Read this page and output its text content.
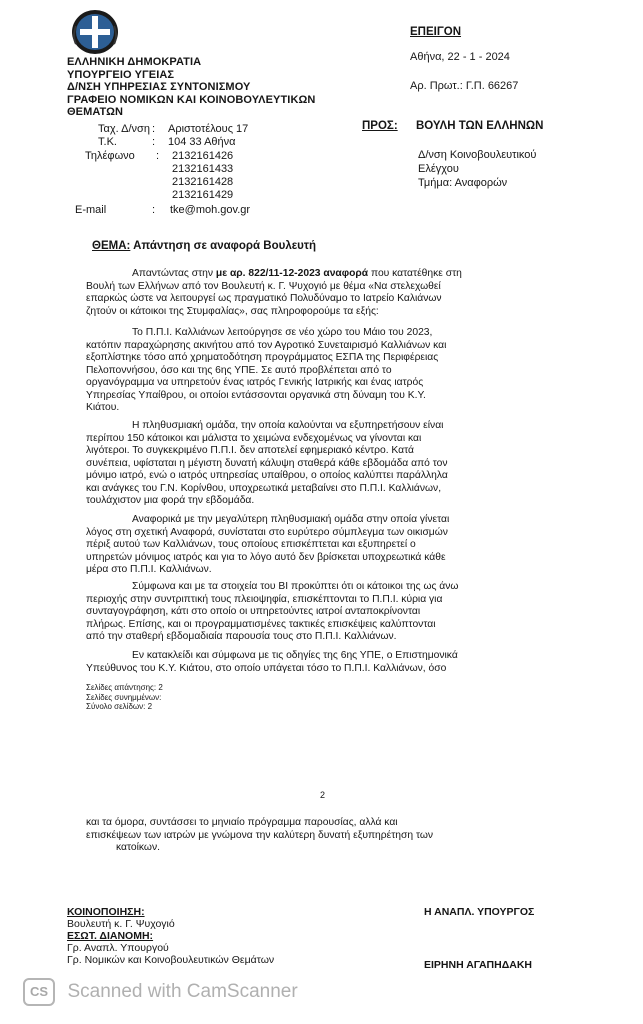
ΕΛΛΗΝΙΚΗ ΔΗΜΟΚΡΑΤΙΑ
ΥΠΟΥΡΓΕΙΟ ΥΓΕΙΑΣ
Δ/ΝΣΗ ΥΠΗΡΕΣΙΑΣ ΣΥΝΤΟΝΙΣΜΟΥ
ΓΡΑΦΕΙΟ ΝΟΜΙΚΩΝ ΚΑΙ ΚΟΙΝΟΒΟΥΛΕΥΤΙΚΩΝ
ΘΕΜΑΤΩΝ
ΕΠΕΙΓΟΝ
Αθήνα, 22 - 1 - 2024
Αρ. Πρωτ.: Γ.Π. 66267
Ταχ. Δ/νση : Αριστοτέλους 17
Τ.Κ.	: 104 33 Αθήνα
Τηλέφωνο : 2132161426
2132161433
2132161428
2132161429
E-mail	: tke@moh.gov.gr
ΠΡΟΣ: ΒΟΥΛΗ ΤΩΝ ΕΛΛΗΝΩΝ
Δ/νση Κοινοβουλευτικού
Ελέγχου
Τμήμα: Αναφορών
ΘΕΜΑ: Απάντηση σε αναφορά Βουλευτή
Απαντώντας στην με αρ. 822/11-12-2023 αναφορά που κατατέθηκε στη
Βουλή των Ελλήνων από τον Βουλευτή κ. Γ. Ψυχογιό με θέμα «Να στελεχωθεί
επαρκώς ώστε να λειτουργεί ως πραγματικό Πολυδύναμο το Ιατρείο Καλιάνων
ζητούν οι κάτοικοι της Στυμφαλίας», σας πληροφορούμε τα εξής:
Το Π.Π.Ι. Καλλιάνων λειτούργησε σε νέο χώρο του Μάιο του 2023,
κατόπιν παραχώρησης ακινήτου από τον Αγροτικό Συνεταιρισμό Καλλιάνων και
εξοπλίστηκε τόσο από χρηματοδότηση προγράμματος ΕΣΠΑ της Περιφέρειας
Πελοποννήσου, όσο και της 6ης ΥΠΕ. Σε αυτό προβλέπεται από το
οργανόγραμμα να υπηρετούν ένας ιατρός Γενικής Ιατρικής και ένας ιατρός
Υπηρεσίας Υπαίθρου, οι οποίοι εντάσσονται οργανικά στη δύναμη του Κ.Υ.
Κιάτου.
Η πληθυσμιακή ομάδα, την οποία καλούνται να εξυπηρετήσουν είναι
περίπου 150 κάτοικοι και μάλιστα το χειμώνα ενδεχομένως να γίνονται και
λιγότεροι. Το συγκεκριμένο Π.Π.Ι. δεν αποτελεί εφημεριακό κέντρο. Κατά
συνέπεια, υφίσταται η μέγιστη δυνατή κάλυψη σταθερά κάθε εβδομάδα από τον
μόνιμο ιατρό, ενώ ο ιατρός υπηρεσίας υπαίθρου, ο οποίος καλύπτει παράλληλα
και ανάγκες του Γ.Ν. Κορίνθου, υποχρεωτικά μεταβαίνει στο Π.Π.Ι. Καλλιάνων,
τουλάχιστον μια φορά την εβδομάδα.
Αναφορικά με την μεγαλύτερη πληθυσμιακή ομάδα στην οποία γίνεται
λόγος στη σχετική Αναφορά, συνίσταται στο ευρύτερο σύμπλεγμα των οικισμών
πέριξ αυτού των Καλλιάνων, τους οποίους επισκέπτεται και εξυπηρετεί ο
υπηρετών μόνιμος ιατρός και για το λόγο αυτό δεν βρίσκεται υποχρεωτικά κάθε
μέρα στο Π.Π.Ι. Καλλιάνων.
Σύμφωνα και με τα στοιχεία του ΒΙ προκύπτει ότι οι κάτοικοι της ως άνω
περιοχής στην συντριπτική τους πλειοψηφία, επισκέπτονται το Π.Π.Ι. κύρια για
συνταγογράφηση, κάτι στο οποίο οι υπηρετούντες ιατροί ανταποκρίνονται
πλήρως. Επίσης, και οι προγραμματισμένες τακτικές επισκέψεις καλύπτονται
από την σταθερή εβδομαδιαία παρουσία τους στο Π.Π.Ι. Καλλιάνων.
Εν κατακλείδι και σύμφωνα με τις οδηγίες της 6ης ΥΠΕ, ο Επιστημονικά
Υπεύθυνος του Κ.Υ. Κιάτου, στο οποίο υπάγεται τόσο το Π.Π.Ι. Καλλιάνων, όσο
Σελίδες απάντησης: 2
Σελίδες συνημμένων:
Σύνολο σελίδων: 2
2
και τα όμορα, συντάσσει το μηνιαίο πρόγραμμα παρουσίας, αλλά και
επισκέψεων των ιατρών με γνώμονα την καλύτερη δυνατή εξυπηρέτηση των
κατοίκων.
ΚΟΙΝΟΠΟΙΗΣΗ:
Βουλευτή κ. Γ. Ψυχογιό
ΕΣΩΤ. ΔΙΑΝΟΜΗ:
Γρ. Αναπλ. Υπουργού
Γρ. Νομικών και Κοινοβουλευτικών Θεμάτων
Η ΑΝΑΠΛ. ΥΠΟΥΡΓΟΣ
ΕΙΡΗΝΗ ΑΓΑΠΗΔΑΚΗ
CS Scanned with CamScanner
